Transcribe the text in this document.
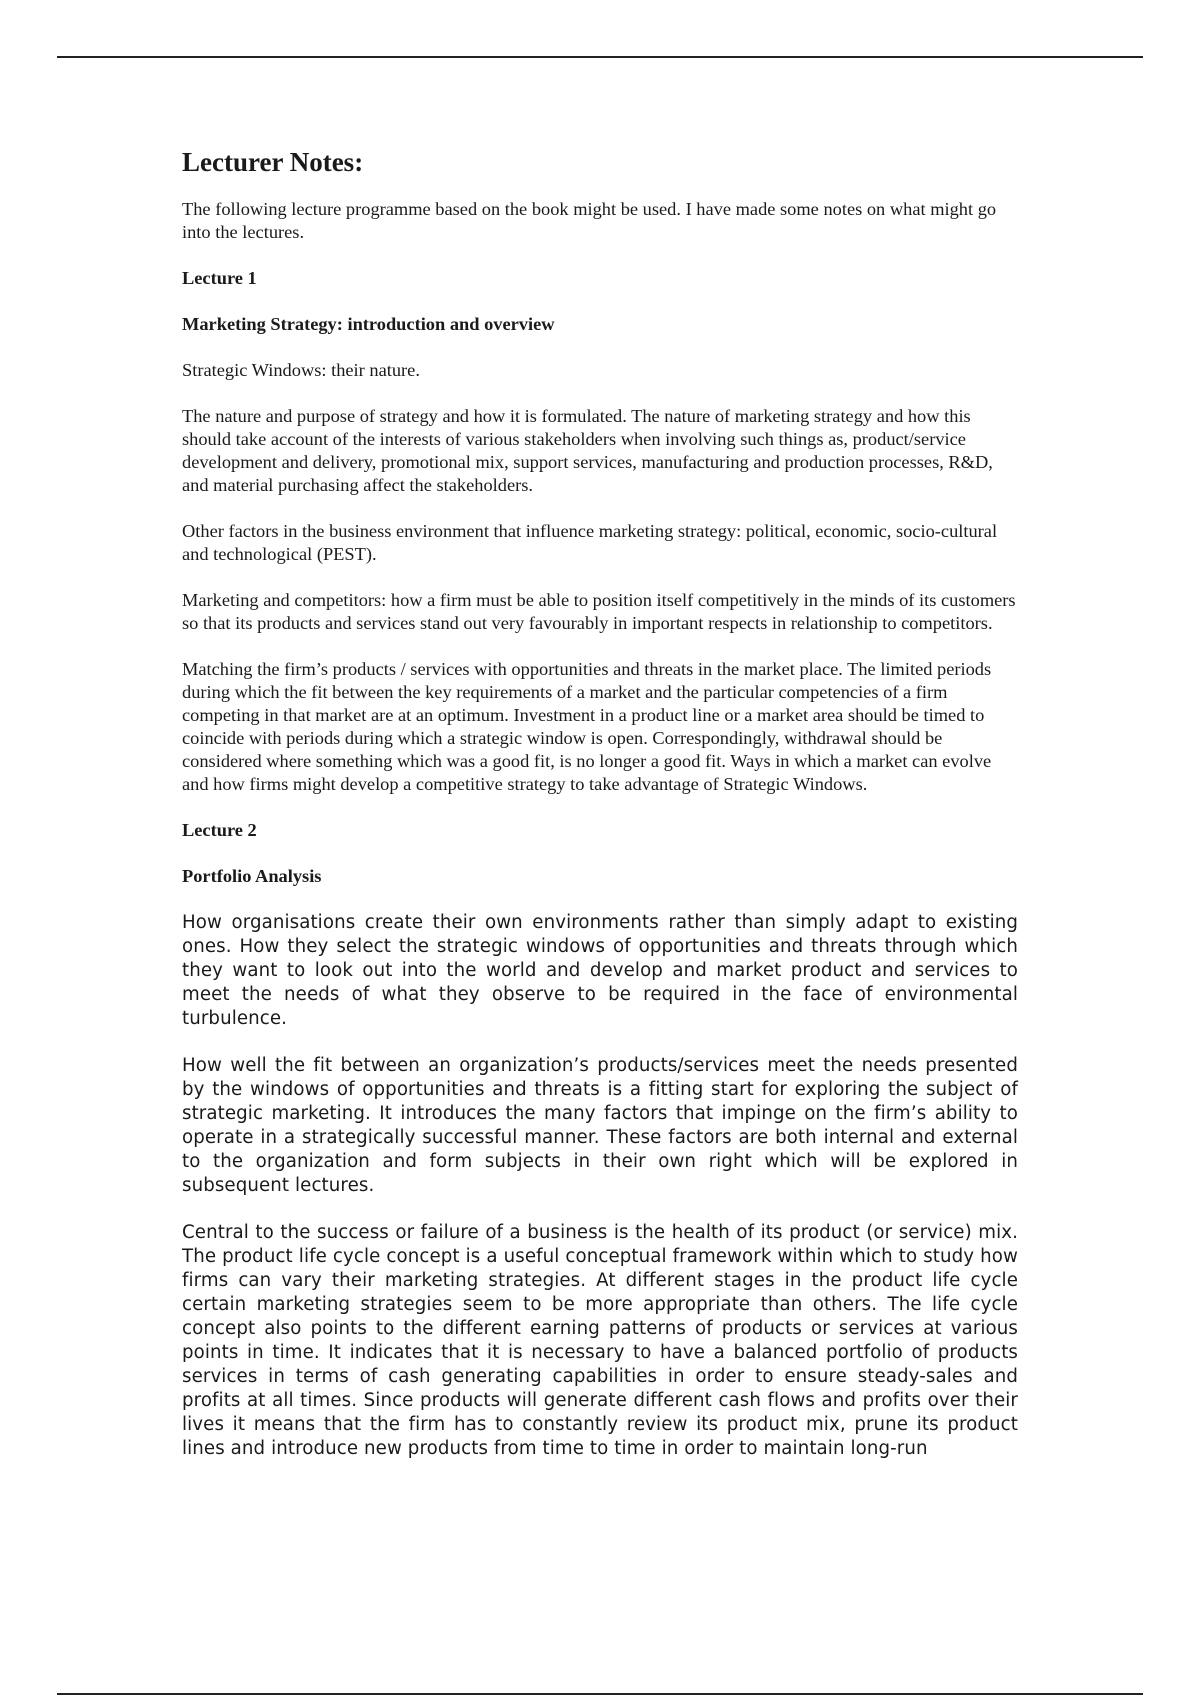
Lecturer Notes:

The following lecture programme based on the book might be used. I have made some notes on what might go into the lectures.

Lecture 1

Marketing Strategy: introduction and overview

Strategic Windows: their nature.

The nature and purpose of strategy and how it is formulated. The nature of marketing strategy and how this should take account of the interests of various stakeholders when involving such things as, product/service development and delivery, promotional mix, support services, manufacturing and production processes, R&D, and material purchasing affect the stakeholders.

Other factors in the business environment that influence marketing strategy: political, economic, socio-cultural and technological (PEST).

Marketing and competitors: how a firm must be able to position itself competitively in the minds of its customers so that its products and services stand out very favourably in important respects in relationship to competitors.

Matching the firm’s products / services with opportunities and threats in the market place. The limited periods during which the fit between the key requirements of a market and the particular competencies of a firm competing in that market are at an optimum. Investment in a product line or a market area should be timed to coincide with periods during which a strategic window is open. Correspondingly, withdrawal should be considered where something which was a good fit, is no longer a good fit. Ways in which a market can evolve and how firms might develop a competitive strategy to take advantage of Strategic Windows.

Lecture 2

Portfolio Analysis

How organisations create their own environments rather than simply adapt to existing ones. How they select the strategic windows of opportunities and threats through which they want to look out into the world and develop and market product and services to meet the needs of what they observe to be required in the face of environmental turbulence.

How well the fit between an organization’s products/services meet the needs presented by the windows of opportunities and threats is a fitting start for exploring the subject of strategic marketing. It introduces the many factors that impinge on the firm’s ability to operate in a strategically successful manner. These factors are both internal and external to the organization and form subjects in their own right which will be explored in subsequent lectures.

Central to the success or failure of a business is the health of its product (or service) mix. The product life cycle concept is a useful conceptual framework within which to study how firms can vary their marketing strategies. At different stages in the product life cycle certain marketing strategies seem to be more appropriate than others. The life cycle concept also points to the different earning patterns of products or services at various points in time. It indicates that it is necessary to have a balanced portfolio of products services in terms of cash generating capabilities in order to ensure steady-sales and profits at all times. Since products will generate different cash flows and profits over their lives it means that the firm has to constantly review its product mix, prune its product lines and introduce new products from time to time in order to maintain long-run
